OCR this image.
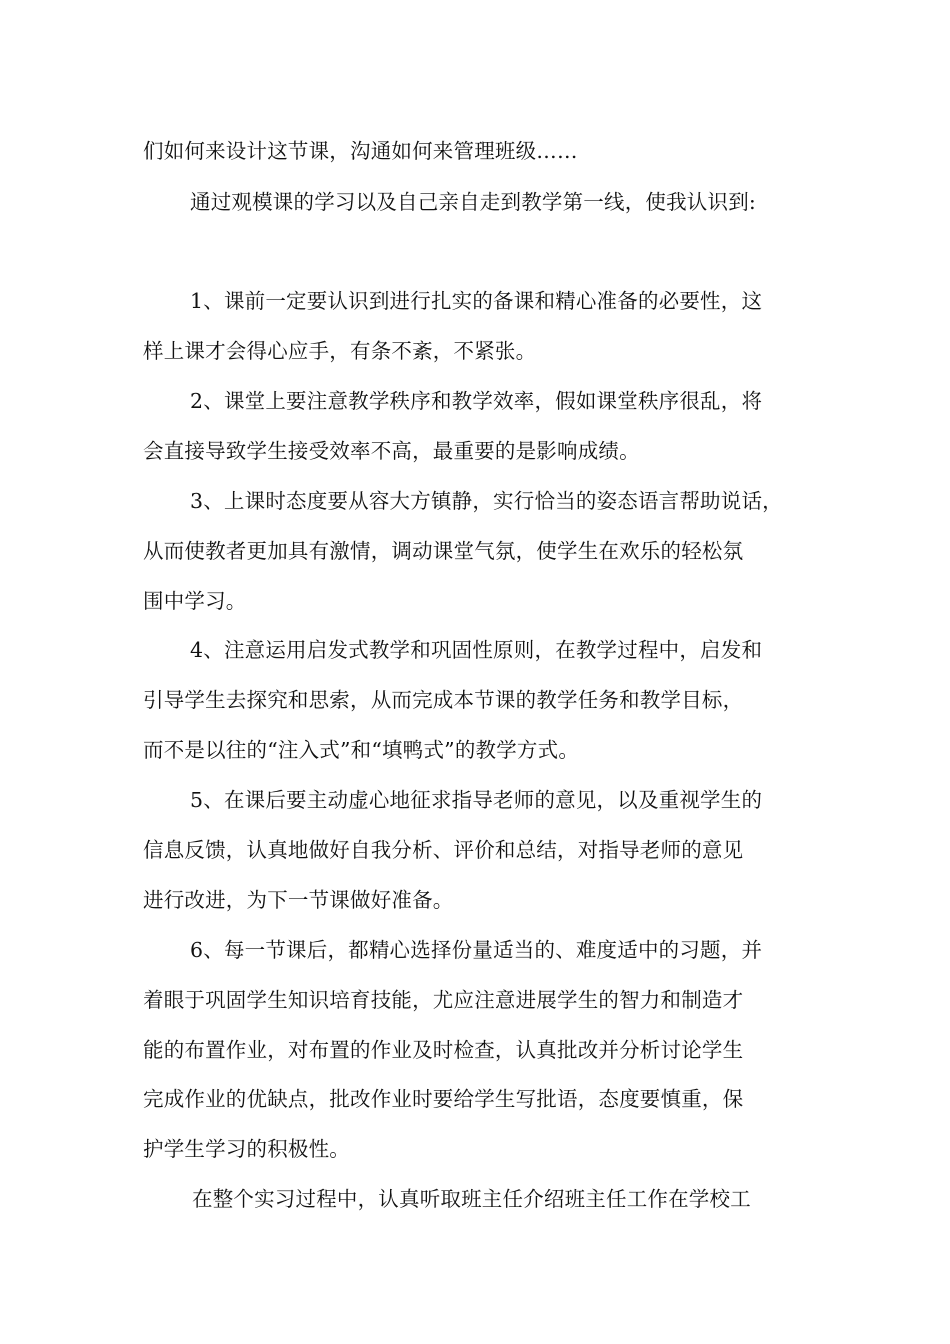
们如何来设计这节课，沟通如何来管理班级……
通过观模课的学习以及自己亲自走到教学第一线，使我认识到:
1、课前一定要认识到进行扎实的备课和精心准备的必要性，这
样上课才会得心应手，有条不紊，不紧张。
2、课堂上要注意教学秩序和教学效率，假如课堂秩序很乱，将
会直接导致学生接受效率不高，最重要的是影响成绩。
3、上课时态度要从容大方镇静，实行恰当的姿态语言帮助说话，
从而使教者更加具有激情，调动课堂气氛，使学生在欢乐的轻松氛
围中学习。
4、注意运用启发式教学和巩固性原则，在教学过程中，启发和
引导学生去探究和思索，从而完成本节课的教学任务和教学目标，
而不是以往的“注入式”和“填鸭式”的教学方式。
5、在课后要主动虚心地征求指导老师的意见，以及重视学生的
信息反馈，认真地做好自我分析、评价和总结，对指导老师的意见
进行改进，为下一节课做好准备。
6、每一节课后，都精心选择份量适当的、难度适中的习题，并
着眼于巩固学生知识培育技能，尤应注意进展学生的智力和制造才
能的布置作业，对布置的作业及时检查，认真批改并分析讨论学生
完成作业的优缺点，批改作业时要给学生写批语，态度要慎重，保
护学生学习的积极性。
在整个实习过程中，认真听取班主任介绍班主任工作在学校工
